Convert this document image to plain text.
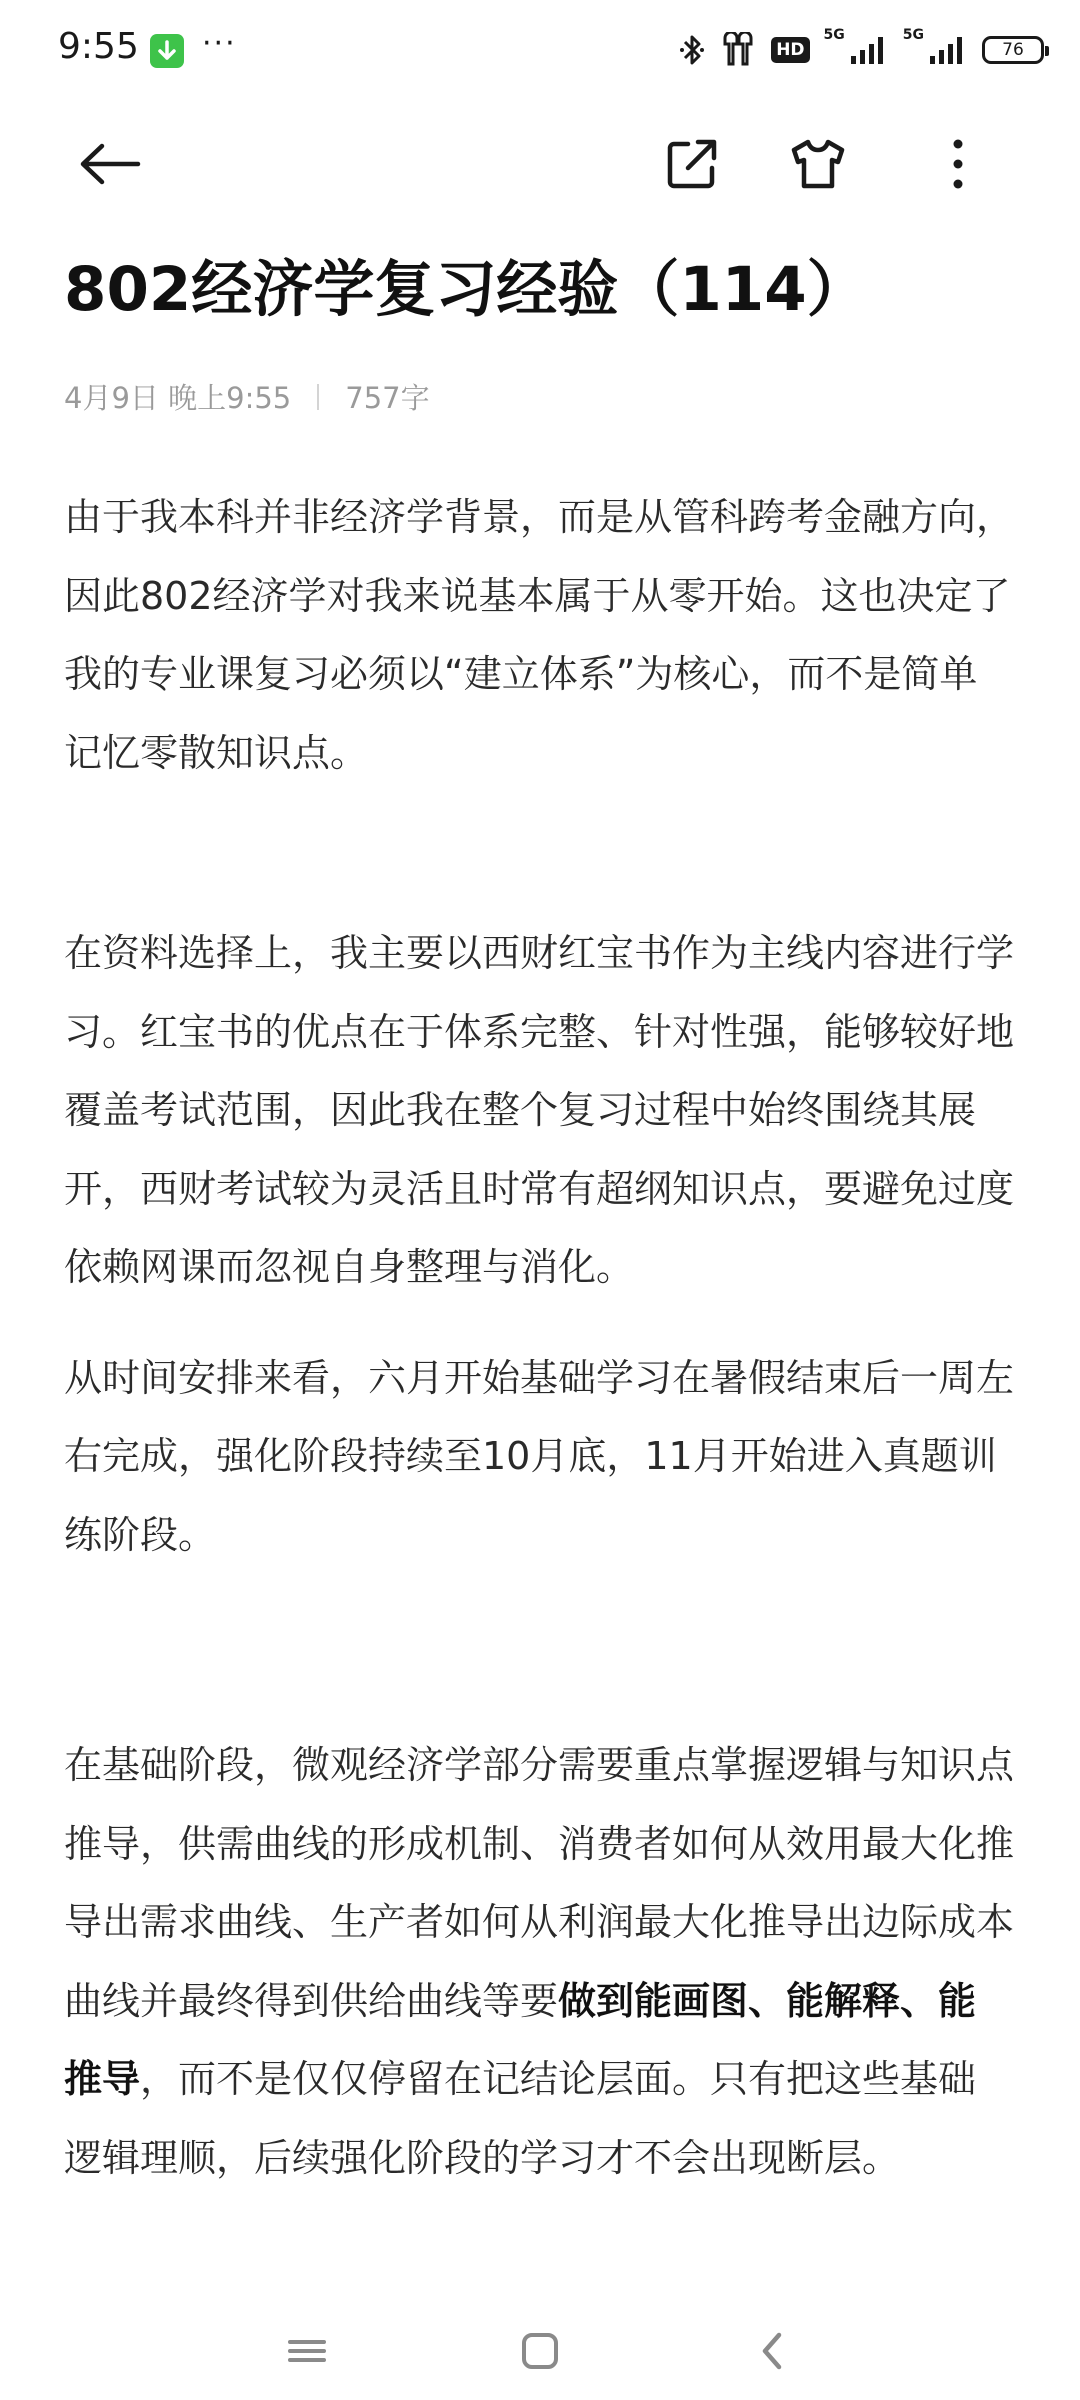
9:55 ···	HD
5G	5G
76
802经济学复习经验（114）
4月9日 晚上9:55 757字

由于我本科并非经济学背景，而是从管科跨考金融方向，因此802经济学对我来说基本属于从零开始。这也决定了我的专业课复习必须以“建立体系”为核心，而不是简单记忆零散知识点。

在资料选择上，我主要以西财红宝书作为主线内容进行学习。红宝书的优点在于体系完整、针对性强，能够较好地覆盖考试范围，因此我在整个复习过程中始终围绕其展开，西财考试较为灵活且时常有超纲知识点，要避免过度依赖网课而忽视自身整理与消化。

从时间安排来看，六月开始基础学习在暑假结束后一周左右完成，强化阶段持续至10月底，11月开始进入真题训练阶段。

在基础阶段，微观经济学部分需要重点掌握逻辑与知识点推导，供需曲线的形成机制、消费者如何从效用最大化推导出需求曲线、生产者如何从利润最大化推导出边际成本曲线并最终得到供给曲线等要做到能画图、能解释、能推导，而不是仅仅停留在记结论层面。只有把这些基础逻辑理顺，后续强化阶段的学习才不会出现断层。
